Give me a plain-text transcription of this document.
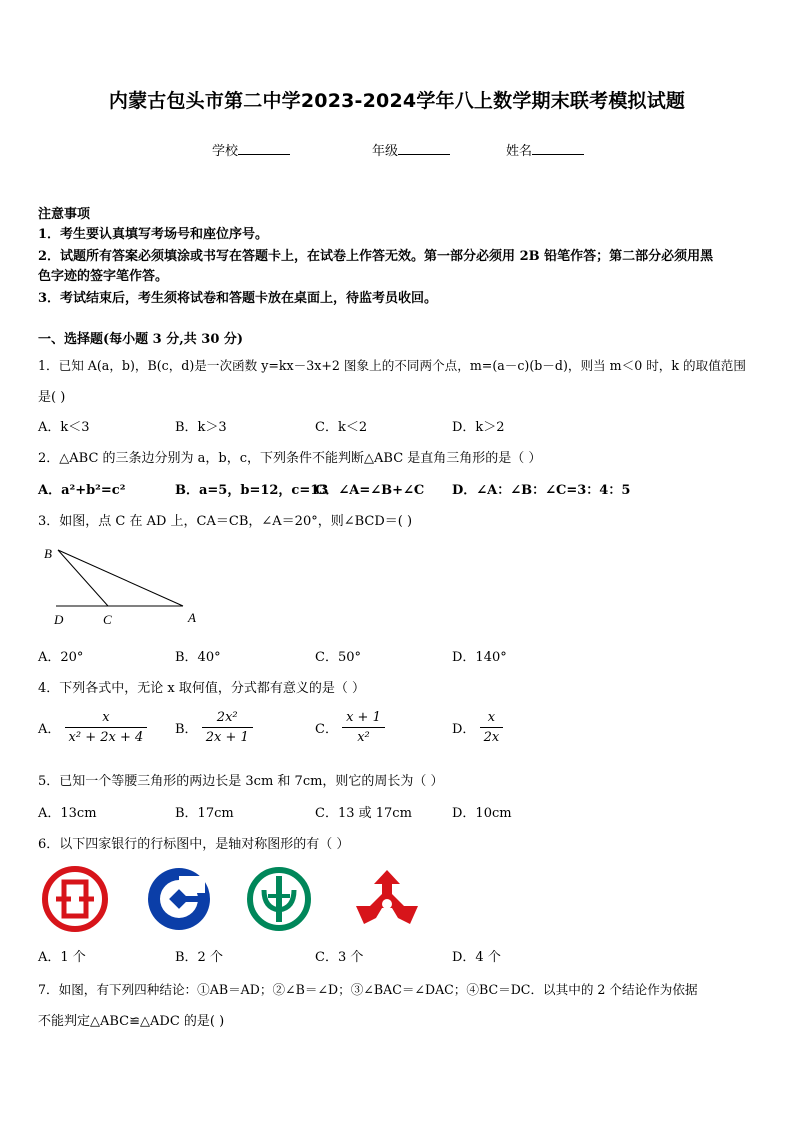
内蒙古包头市第二中学2023-2024学年八上数学期末联考模拟试题
学校	年级	姓名
注意事项
1．考生要认真填写考场号和座位序号。
2．试题所有答案必须填涂或书写在答题卡上，在试卷上作答无效。第一部分必须用 2B 铅笔作答；第二部分必须用黑
色字迹的签字笔作答。
3．考试结束后，考生须将试卷和答题卡放在桌面上，待监考员收回。
一、选择题(每小题 3 分,共 30 分)
1．已知 A(a，b)，B(c，d)是一次函数 y=kx－3x+2 图象上的不同两个点，m=(a－c)(b－d)，则当 m＜0 时，k 的取值范围
是( )
A．k＜3	B．k＞3	C．k＜2	D．k＞2
2．△ABC 的三条边分别为 a，b，c，下列条件不能判断△ABC 是直角三角形的是（ ）
A．a²+b²=c²	B．a=5，b=12，c=13
C．∠A=∠B+∠C D．∠A：∠B：∠C=3：4：5
3．如图，点 C 在 AD 上，CA＝CB，∠A＝20°，则∠BCD＝( )
B
D	C	A
A．20°	B．40°	C．50°	D．140°
4．下列各式中，无论 x 取何值，分式都有意义的是（ ）
A． $\frac{x}{\text{x² + 2x + 4}}$ B． $\frac{\text{2x²}}{2x + 1}$	C． $\frac{x + 1}{\text{x²}}$	D． $\frac{x}{2x}$
5．已知一个等腰三角形的两边长是 3cm 和 7cm，则它的周长为（ ）
A．13cm	B．17cm	C．13 或 17cm	D．10cm
6．以下四家银行的行标图中，是轴对称图形的有（ ）
A．1 个	B．2 个	C．3 个	D．4 个
7．如图，有下列四种结论：①AB＝AD；②∠B＝∠D；③∠BAC＝∠DAC；④BC＝DC．以其中的 2 个结论作为依据
不能判定△ABC≌△ADC 的是( )
